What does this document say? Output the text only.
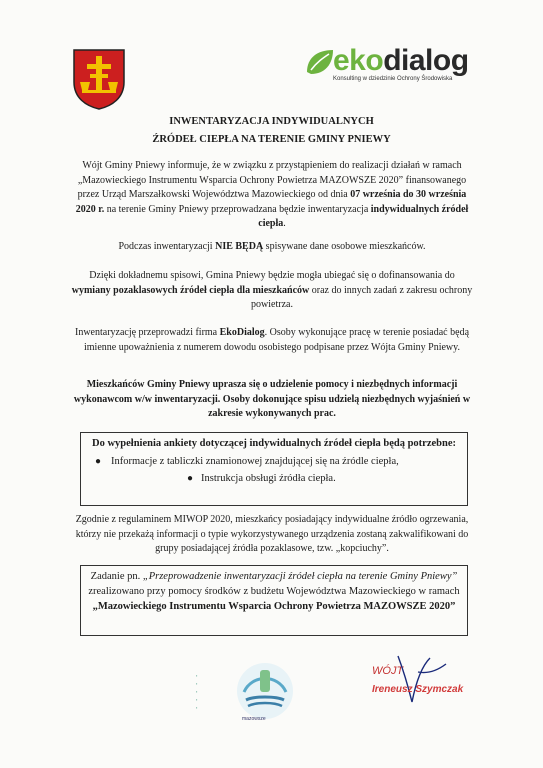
ekodialog
Konsulting w dziedzinie Ochrony Środowiska
INWENTARYZACJA INDYWIDUALNYCH
ŹRÓDEŁ CIEPŁA NA TERENIE GMINY PNIEWY
Wójt Gminy Pniewy informuje, że w związku z przystąpieniem do realizacji działań w ramach „Mazowieckiego Instrumentu Wsparcia Ochrony Powietrza MAZOWSZE 2020” finansowanego przez Urząd Marszałkowski Województwa Mazowieckiego od dnia 07 września do 30 września 2020 r. na terenie Gminy Pniewy przeprowadzana będzie inwentaryzacja indywidualnych źródeł ciepła.
Podczas inwentaryzacji NIE BĘDĄ spisywane dane osobowe mieszkańców.
Dzięki dokładnemu spisowi, Gmina Pniewy będzie mogła ubiegać się o dofinansowania do wymiany pozaklasowych źródeł ciepła dla mieszkańców oraz do innych zadań z zakresu ochrony powietrza.
Inwentaryzację przeprowadzi firma EkoDialog. Osoby wykonujące pracę w terenie posiadać będą imienne upoważnienia z numerem dowodu osobistego podpisane przez Wójta Gminy Pniewy.
Mieszkańców Gminy Pniewy uprasza się o udzielenie pomocy i niezbędnych informacji wykonawcom w/w inwentaryzacji. Osoby dokonujące spisu udzielą niezbędnych wyjaśnień w zakresie wykonywanych prac.
Do wypełnienia ankiety dotyczącej indywidualnych źródeł ciepła będą potrzebne:
● Informacje z tabliczki znamionowej znajdującej się na źródle ciepła,
● Instrukcja obsługi źródła ciepła.
Zgodnie z regulaminem MIWOP 2020, mieszkańcy posiadający indywidualne źródło ogrzewania, którzy nie przekażą informacji o typie wykorzystywanego urządzenia zostaną zakwalifikowani do grupy posiadającej źródła pozaklasowe, tzw. „kopciuchy”.
Zadanie pn. „Przeprowadzenie inwentaryzacji źródeł ciepła na terenie Gminy Pniewy” zrealizowano przy pomocy środków z budżetu Województwa Mazowieckiego w ramach „Mazowieckiego Instrumentu Wsparcia Ochrony Powietrza MAZOWSZE 2020”
▪
▪
▪
▪
▪
mazowsze
WÓJT
Ireneusz Szymczak
